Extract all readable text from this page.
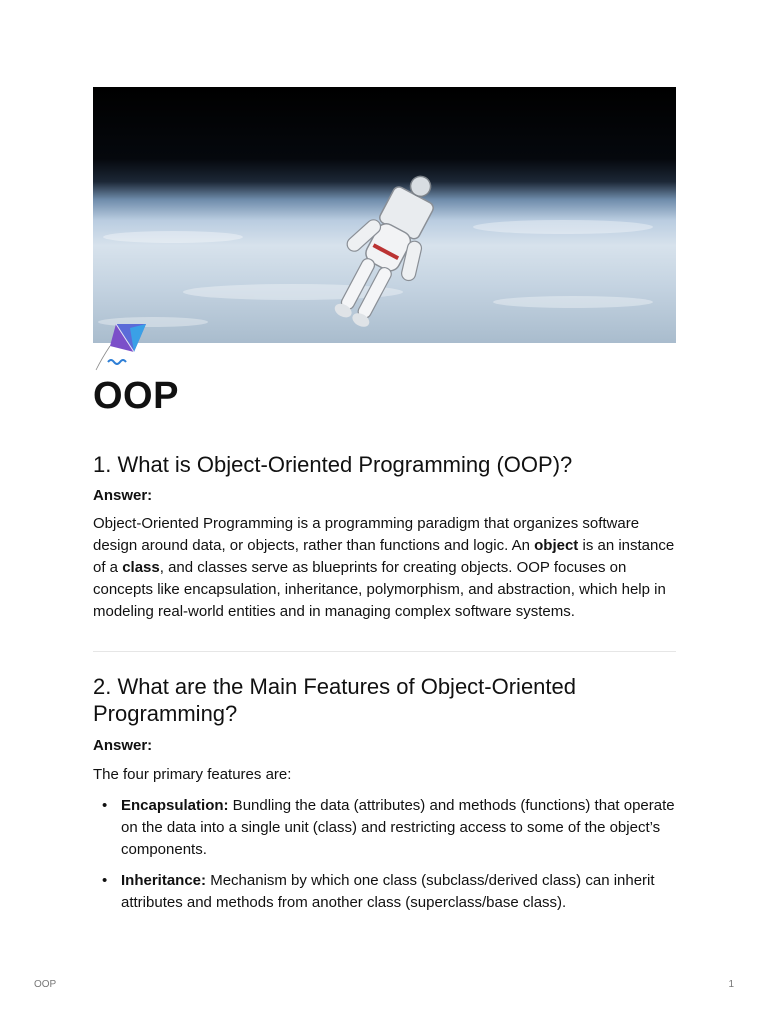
OOP
1. What is Object-Oriented Programming (OOP)?
Answer:

Object-Oriented Programming is a programming paradigm that organizes software design around data, or objects, rather than functions and logic. An object is an instance of a class, and classes serve as blueprints for creating objects. OOP focuses on concepts like encapsulation, inheritance, polymorphism, and abstraction, which help in modeling real-world entities and in managing complex software systems.

2. What are the Main Features of Object-Oriented Programming?
Answer:
The four primary features are:
• Encapsulation: Bundling the data (attributes) and methods (functions) that operate on the data into a single unit (class) and restricting access to some of the object’s components.
• Inheritance: Mechanism by which one class (subclass/derived class) can inherit attributes and methods from another class (superclass/base class).
OOP	1
